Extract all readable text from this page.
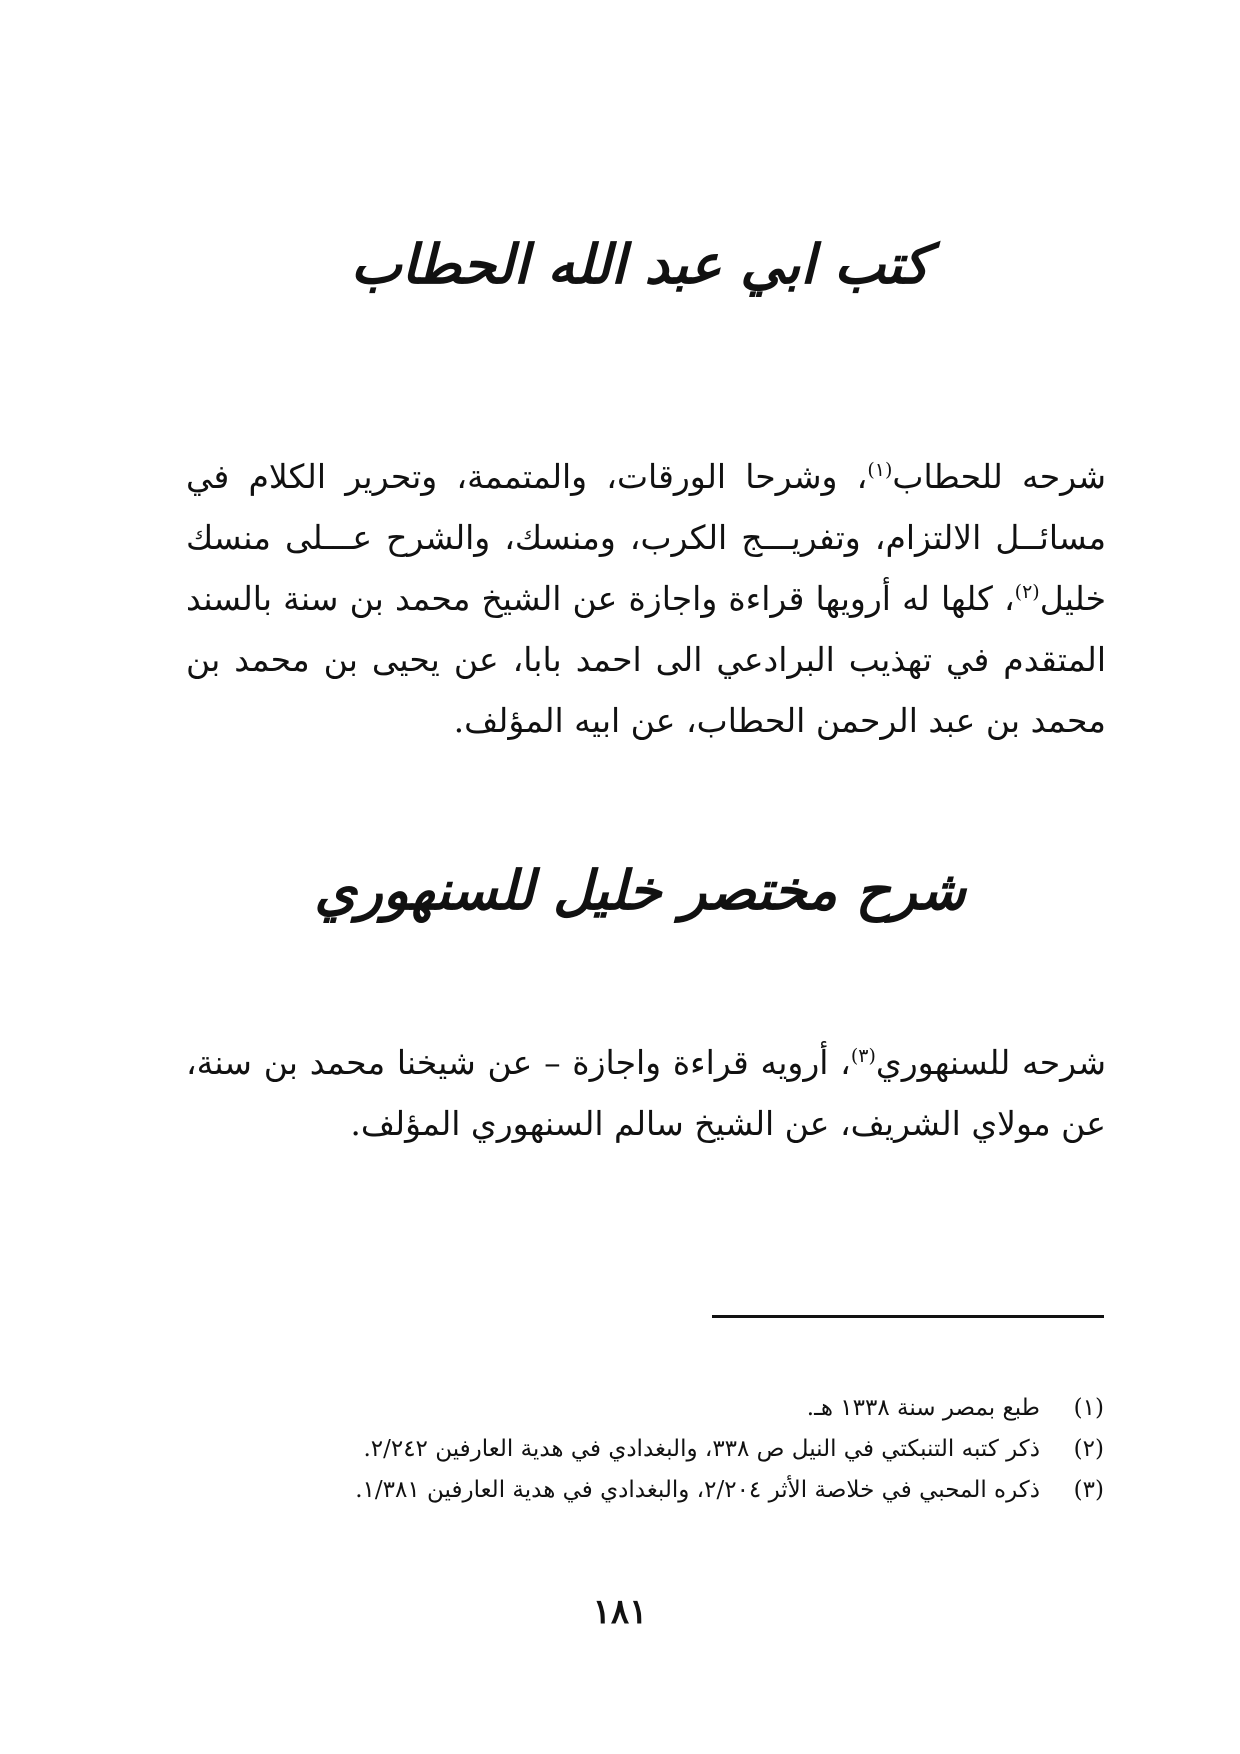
كتب ابي عبد الله الحطاب
شرحه للحطاب$^{(١)}$، وشرحا الورقات، والمتممة، وتحرير الكلام في مسائــل الالتزام، وتفريـــج الكرب، ومنسك، والشرح عـــلى منسك خليل$^{(٢)}$، كلها له أرويها قراءة واجازة عن الشيخ محمد بن سنة بالسند المتقدم في تهذيب البرادعي الى احمد بابا، عن يحيى بن محمد بن محمد بن عبد الرحمن الحطاب، عن ابيه المؤلف.
شرح مختصر خليل للسنهوري
شرحه للسنهوري$^{(٣)}$، أرويه قراءة واجازة – عن شيخنا محمد بن سنة، عن مولاي الشريف، عن الشيخ سالم السنهوري المؤلف.
(١)
طبع بمصر سنة ١٣٣٨ هـ.
(٢)
ذكر كتبه التنبكتي في النيل ص ٣٣٨، والبغدادي في هدية العارفين ٢/٢٤٢.
(٣)
ذكره المحبي في خلاصة الأثر ٢/٢٠٤، والبغدادي في هدية العارفين ١/٣٨١.
١٨١
